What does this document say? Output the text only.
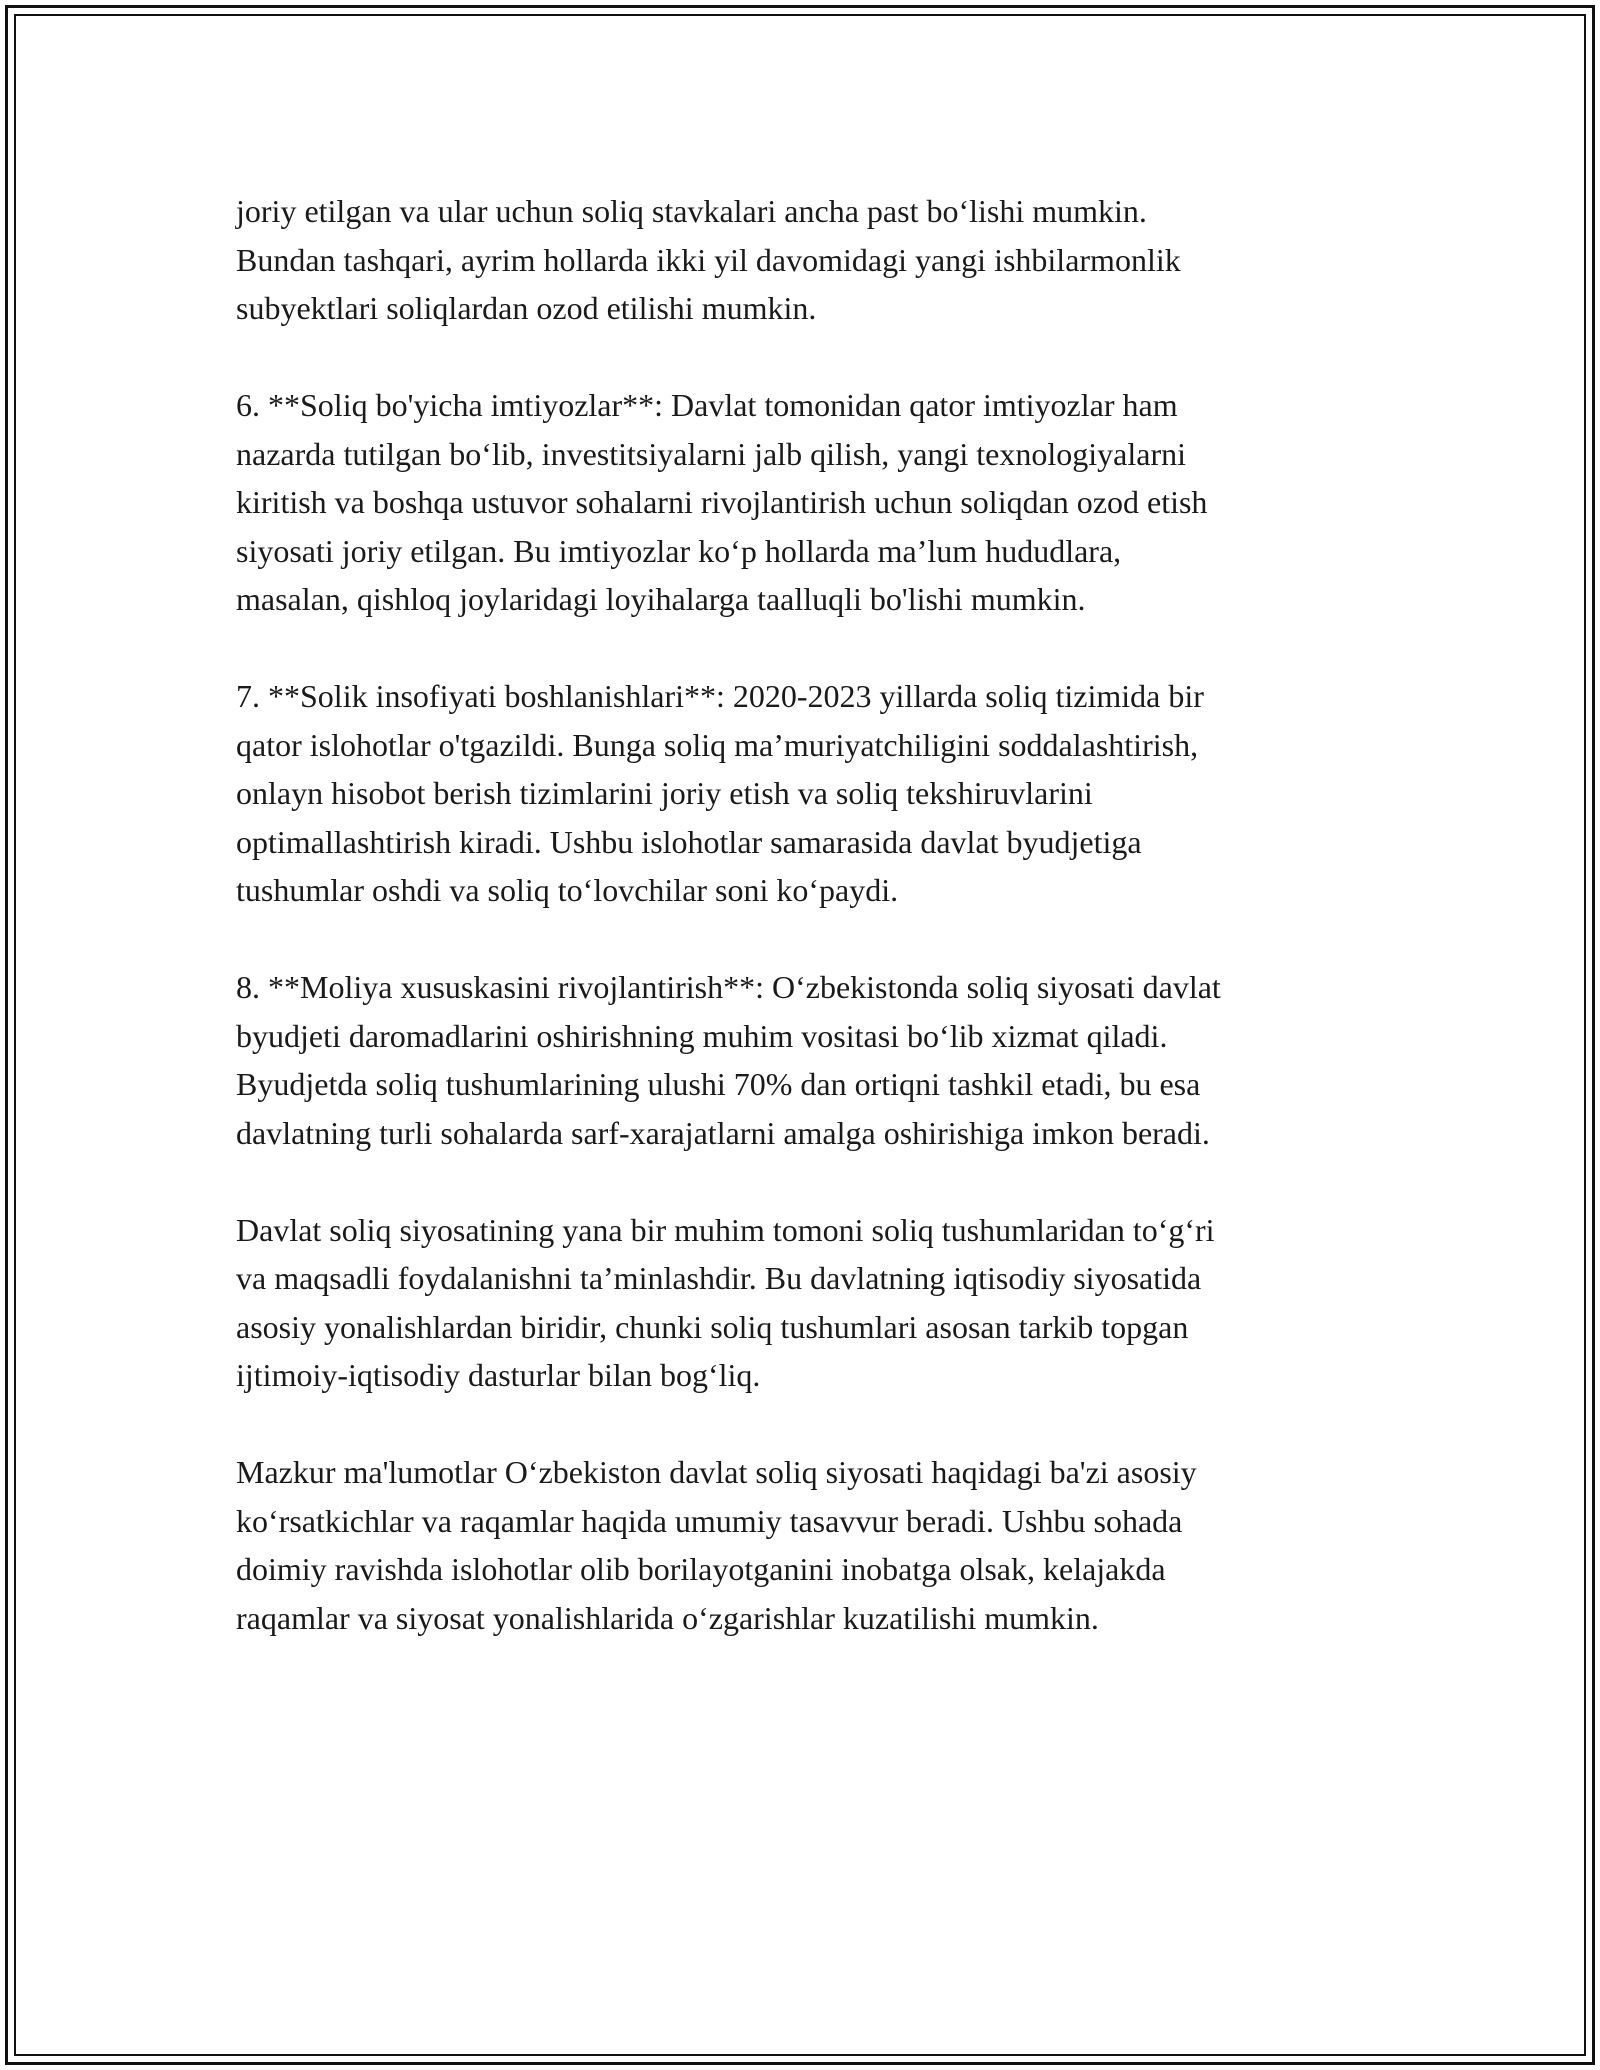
joriy etilgan va ular uchun soliq stavkalari ancha past bo‘lishi mumkin.
Bundan tashqari, ayrim hollarda ikki yil davomidagi yangi ishbilarmonlik
subyektlari soliqlardan ozod etilishi mumkin.

6. **Soliq bo'yicha imtiyozlar**: Davlat tomonidan qator imtiyozlar ham
nazarda tutilgan bo‘lib, investitsiyalarni jalb qilish, yangi texnologiyalarni
kiritish va boshqa ustuvor sohalarni rivojlantirish uchun soliqdan ozod etish
siyosati joriy etilgan. Bu imtiyozlar ko‘p hollarda ma’lum hududlara,
masalan, qishloq joylaridagi loyihalarga taalluqli bo'lishi mumkin.

7. **Solik insofiyati boshlanishlari**: 2020-2023 yillarda soliq tizimida bir
qator islohotlar o'tgazildi. Bunga soliq ma’muriyatchiligini soddalashtirish,
onlayn hisobot berish tizimlarini joriy etish va soliq tekshiruvlarini
optimallashtirish kiradi. Ushbu islohotlar samarasida davlat byudjetiga
tushumlar oshdi va soliq to‘lovchilar soni ko‘paydi.

8. **Moliya xususkasini rivojlantirish**: O‘zbekistonda soliq siyosati davlat
byudjeti daromadlarini oshirishning muhim vositasi bo‘lib xizmat qiladi.
Byudjetda soliq tushumlarining ulushi 70% dan ortiqni tashkil etadi, bu esa
davlatning turli sohalarda sarf-xarajatlarni amalga oshirishiga imkon beradi.

Davlat soliq siyosatining yana bir muhim tomoni soliq tushumlaridan to‘g‘ri
va maqsadli foydalanishni ta’minlashdir. Bu davlatning iqtisodiy siyosatida
asosiy yonalishlardan biridir, chunki soliq tushumlari asosan tarkib topgan
ijtimoiy-iqtisodiy dasturlar bilan bog‘liq.

Mazkur ma'lumotlar O‘zbekiston davlat soliq siyosati haqidagi ba'zi asosiy
ko‘rsatkichlar va raqamlar haqida umumiy tasavvur beradi. Ushbu sohada
doimiy ravishda islohotlar olib borilayotganini inobatga olsak, kelajakda
raqamlar va siyosat yonalishlarida o‘zgarishlar kuzatilishi mumkin.
